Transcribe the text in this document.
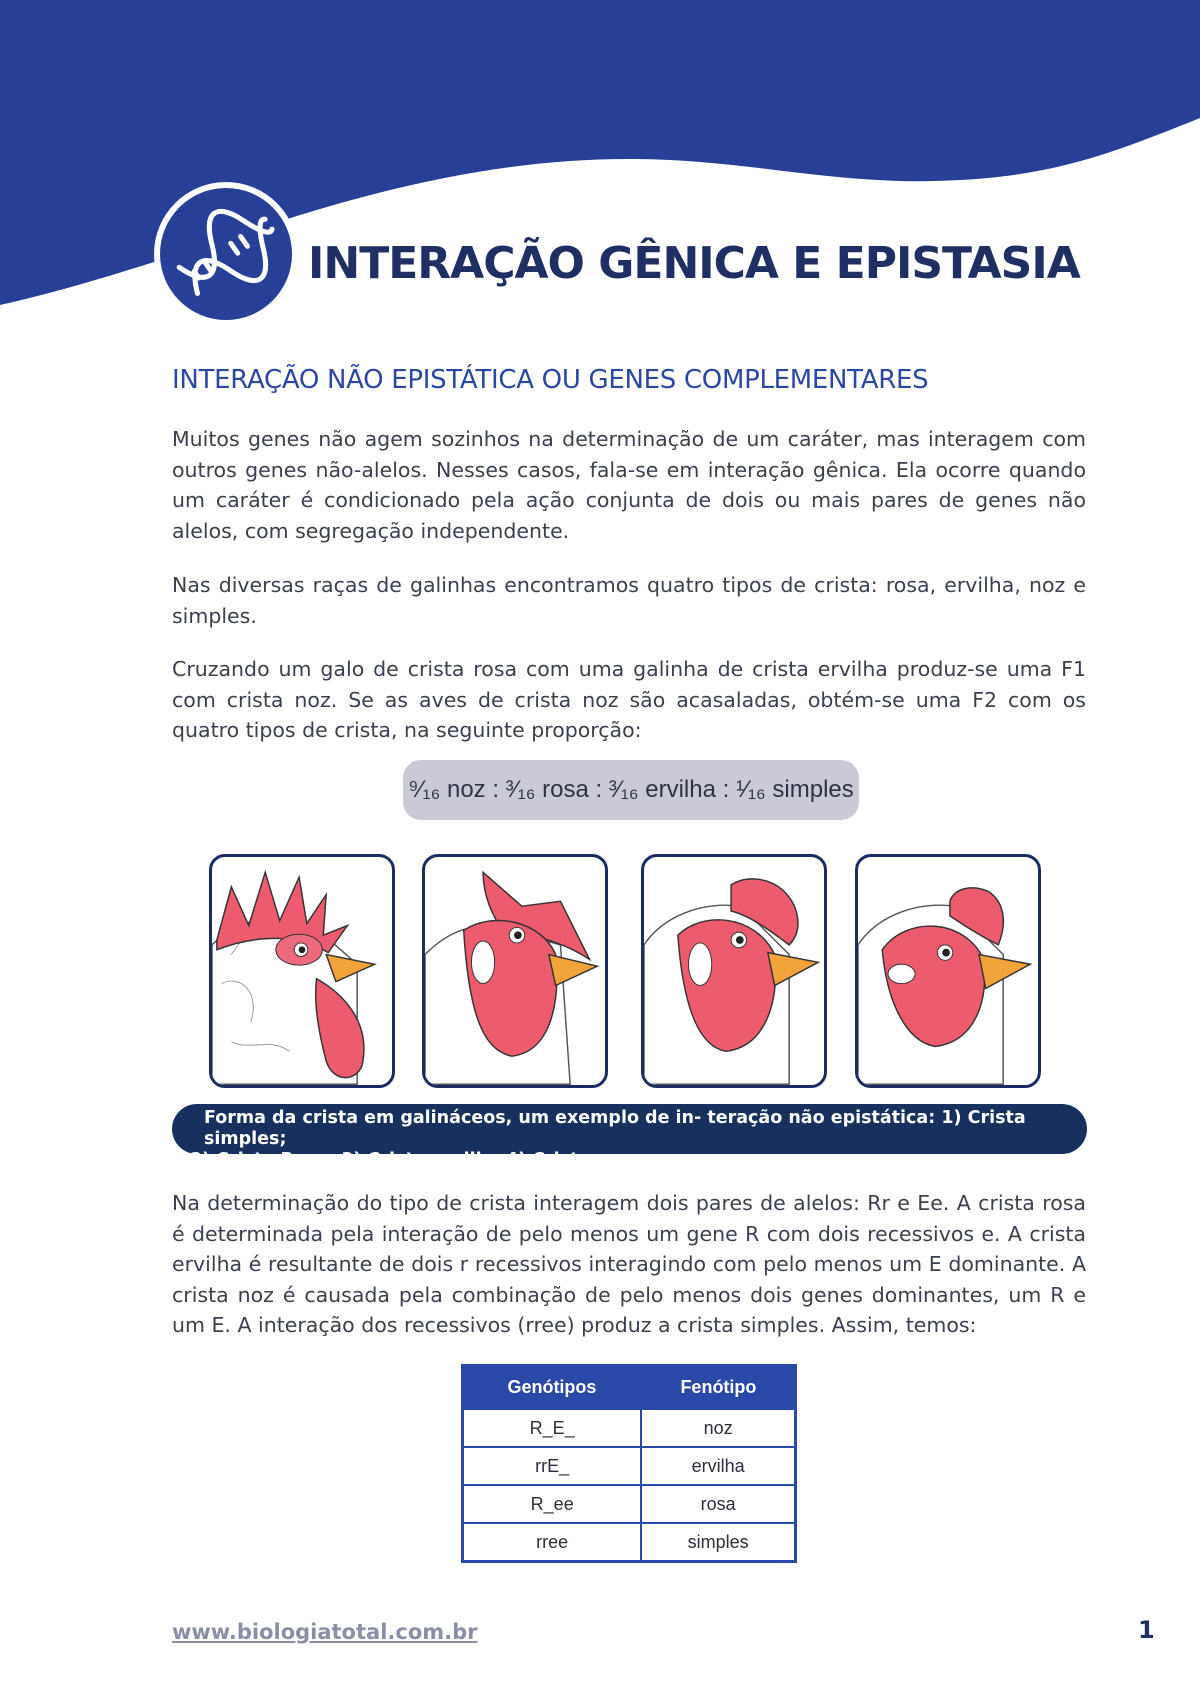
INTERAÇÃO GÊNICA E EPISTASIA
INTERAÇÃO NÃO EPISTÁTICA OU GENES COMPLEMENTARES
Muitos genes não agem sozinhos na determinação de um caráter, mas interagem com outros genes não-alelos. Nesses casos, fala-se em interação gênica. Ela ocorre quando um caráter é condicionado pela ação conjunta de dois ou mais pares de genes não alelos, com segregação independente.
Nas diversas raças de galinhas encontramos quatro tipos de crista: rosa, ervilha, noz e simples.
Cruzando um galo de crista rosa com uma galinha de crista ervilha produz-se uma F1 com crista noz. Se as aves de crista noz são acasaladas, obtém-se uma F2 com os quatro tipos de crista, na seguinte proporção:
⁹⁄₁₆ noz : ³⁄₁₆ rosa : ³⁄₁₆ ervilha : ¹⁄₁₆ simples
Forma da crista em galináceos, um exemplo de in- teração não epistática: 1) Crista simples;
2) Crista Rosa; 3) Crista ervilha 4) Crista noz
Na determinação do tipo de crista interagem dois pares de alelos: Rr e Ee. A crista rosa é determinada pela interação de pelo menos um gene R com dois recessivos e. A crista ervilha é resultante de dois r recessivos interagindo com pelo menos um E dominante. A crista noz é causada pela combinação de pelo menos dois genes dominantes, um R e um E. A interação dos recessivos (rree) produz a crista simples. Assim, temos:
Genótipos	Fenótipo
R_E_	noz
rrE_	ervilha
R_ee	rosa
rree	simples
www.biologiatotal.com.br	1
